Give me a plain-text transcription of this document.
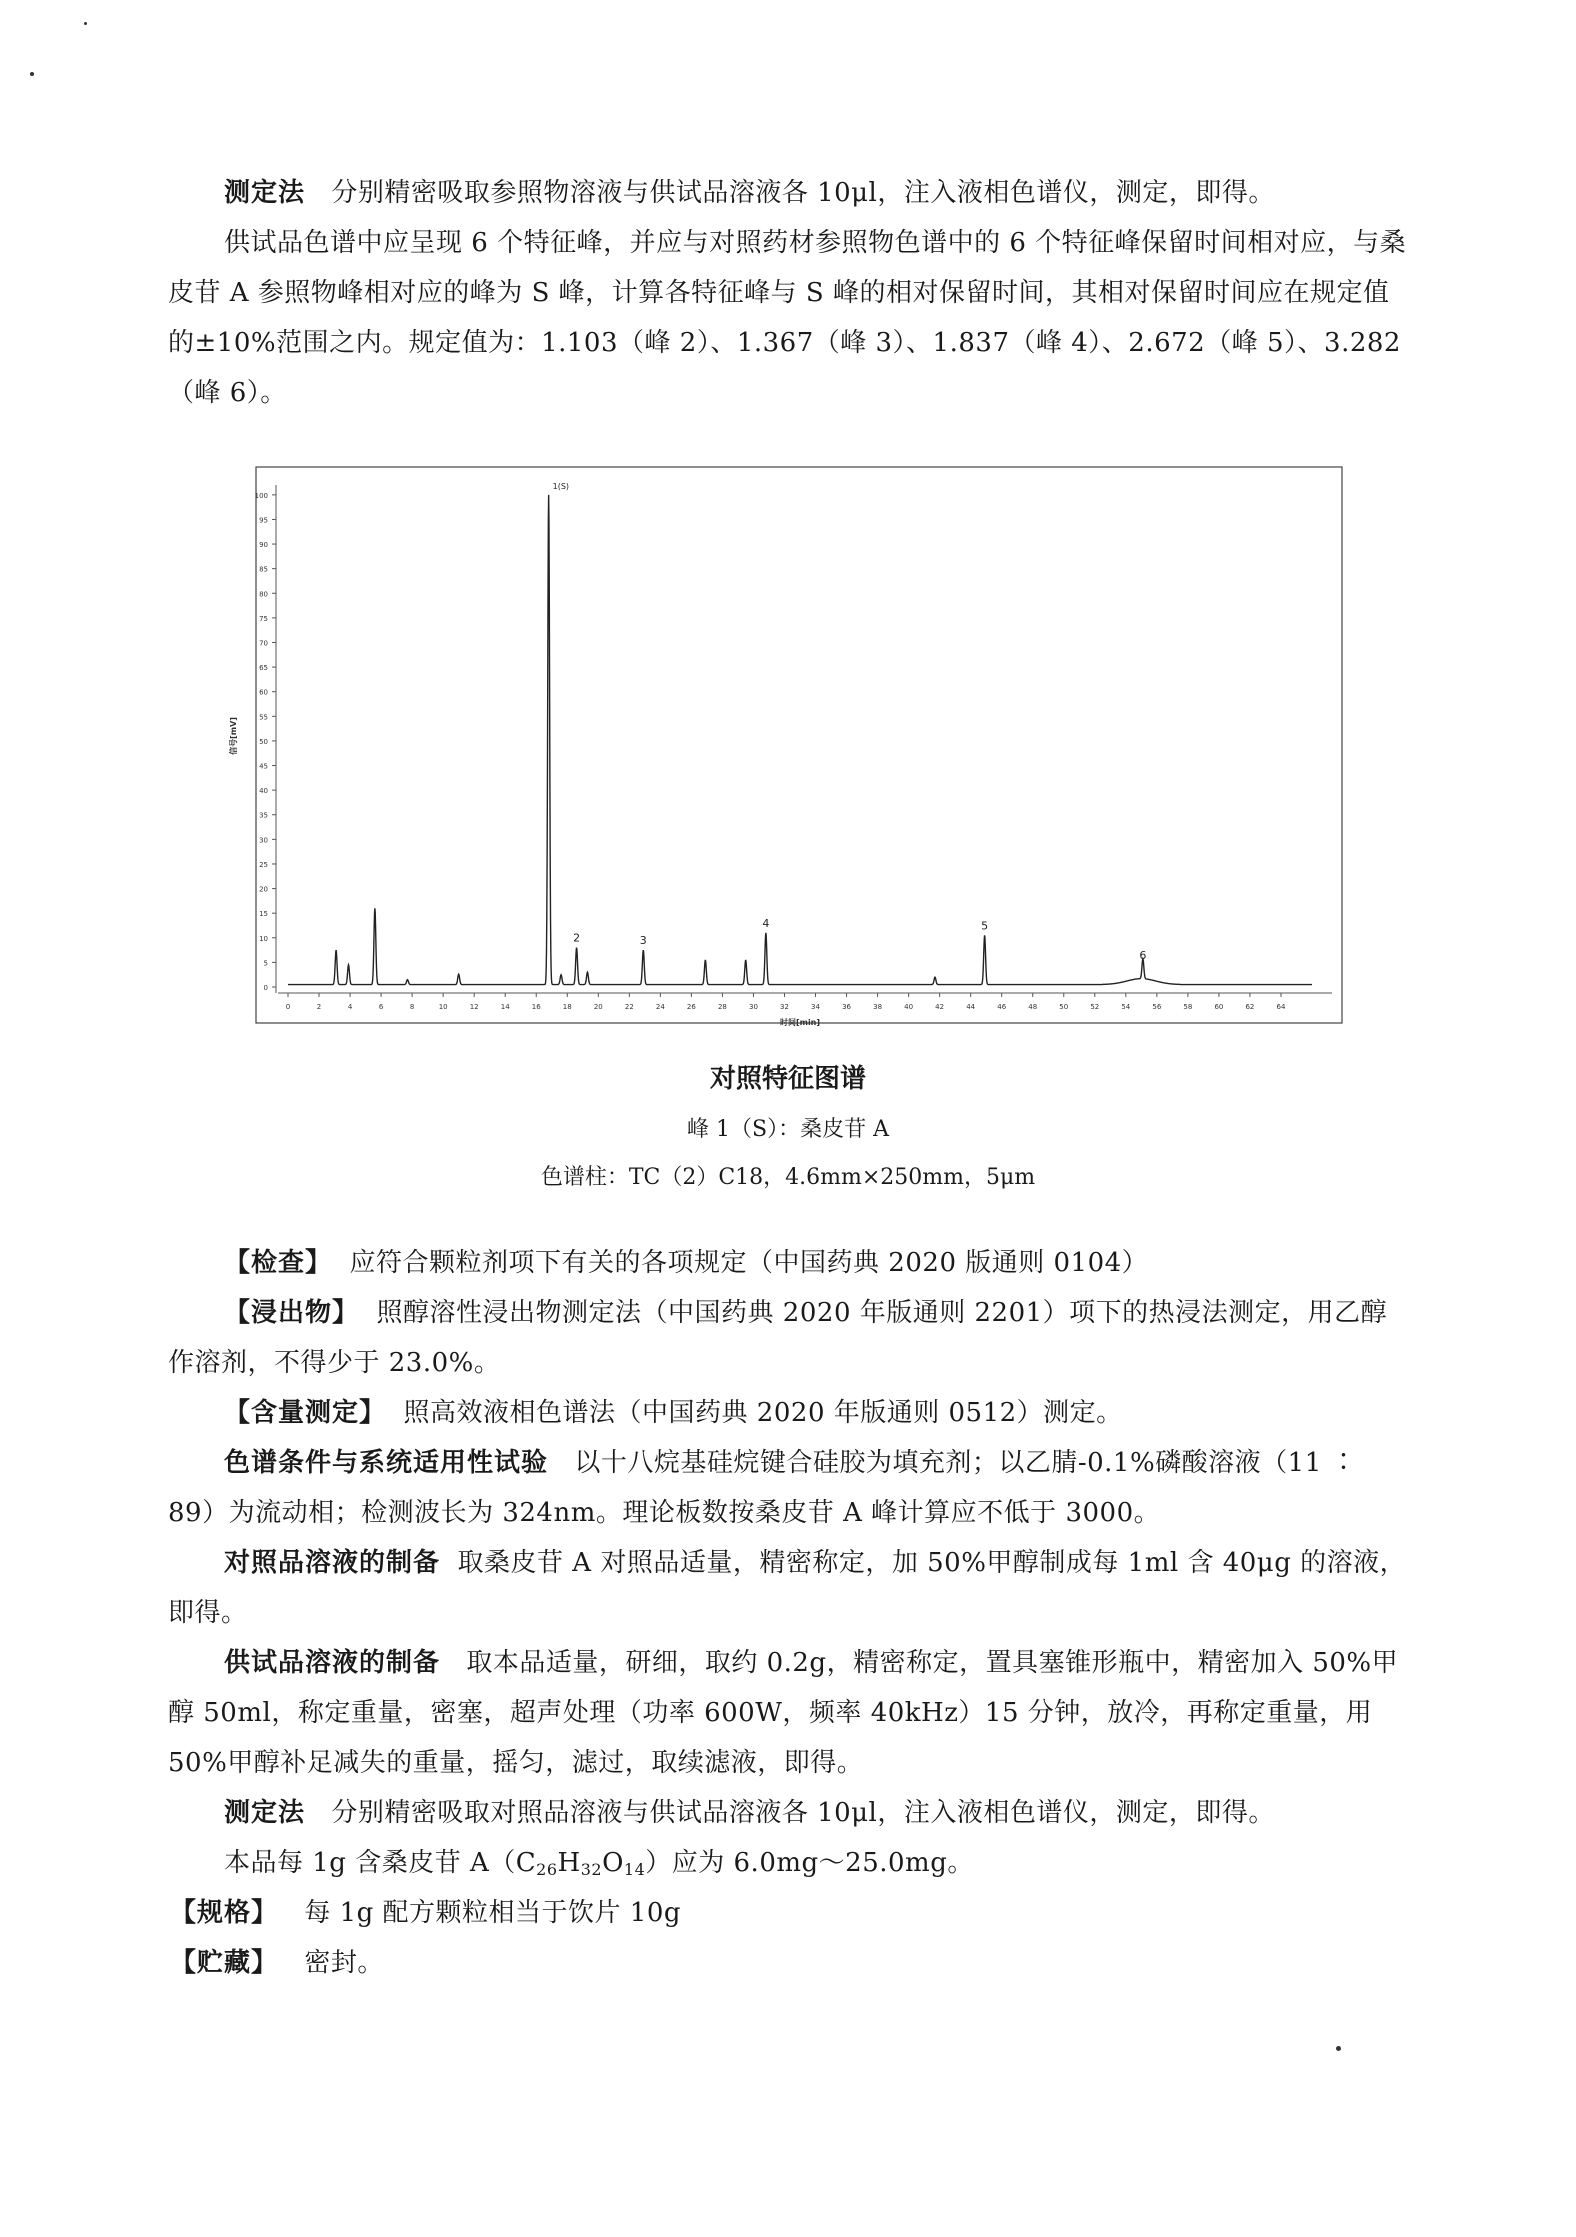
测定法 分别精密吸取参照物溶液与供试品溶液各 10μl，注入液相色谱仪，测定，即得。

供试品色谱中应呈现 6 个特征峰，并应与对照药材参照物色谱中的 6 个特征峰保留时间相对应，与桑皮苷 A 参照物峰相对应的峰为 S 峰，计算各特征峰与 S 峰的相对保留时间，其相对保留时间应在规定值的±10%范围之内。规定值为：1.103（峰 2）、1.367（峰 3）、1.837（峰 4）、2.672（峰 5）、3.282（峰 6）。

0
5
10
15
20
25
30
35
40
45
50
55
60
65
70
75
80
85
90
95
100
0	2	4	6	8	10	12	14	16	18	20	22	24	26	28	30	32	34	36	38	40	42	44	46	48	50	52	54	56	58	60	62	64
时间[min]
信号[mV]
1(S)
2	3
4	5
6

对照特征图谱

峰 1（S）：桑皮苷 A

色谱柱：TC（2）C18，4.6mm×250mm，5μm

【检查】 应符合颗粒剂项下有关的各项规定（中国药典 2020 版通则 0104）

【浸出物】 照醇溶性浸出物测定法（中国药典 2020 年版通则 2201）项下的热浸法测定，用乙醇作溶剂，不得少于 23.0%。

【含量测定】 照高效液相色谱法（中国药典 2020 年版通则 0512）测定。

色谱条件与系统适用性试验 以十八烷基硅烷键合硅胶为填充剂；以乙腈-0.1%磷酸溶液（11 ∶ 89）为流动相；检测波长为 324nm。理论板数按桑皮苷 A 峰计算应不低于 3000。

对照品溶液的制备 取桑皮苷 A 对照品适量，精密称定，加 50%甲醇制成每 1ml 含 40μg 的溶液，即得。

供试品溶液的制备 取本品适量，研细，取约 0.2g，精密称定，置具塞锥形瓶中，精密加入 50%甲醇 50ml，称定重量，密塞，超声处理（功率 600W，频率 40kHz）15 分钟，放冷，再称定重量，用 50%甲醇补足减失的重量，摇匀，滤过，取续滤液，即得。

测定法 分别精密吸取对照品溶液与供试品溶液各 10μl，注入液相色谱仪，测定，即得。

本品每 1g 含桑皮苷 $A(C_{26}H_{32}O_{14})$应为 6.0mg～25.0mg。

【规格】 每 1g 配方颗粒相当于饮片 10g

【贮藏】 密封。
